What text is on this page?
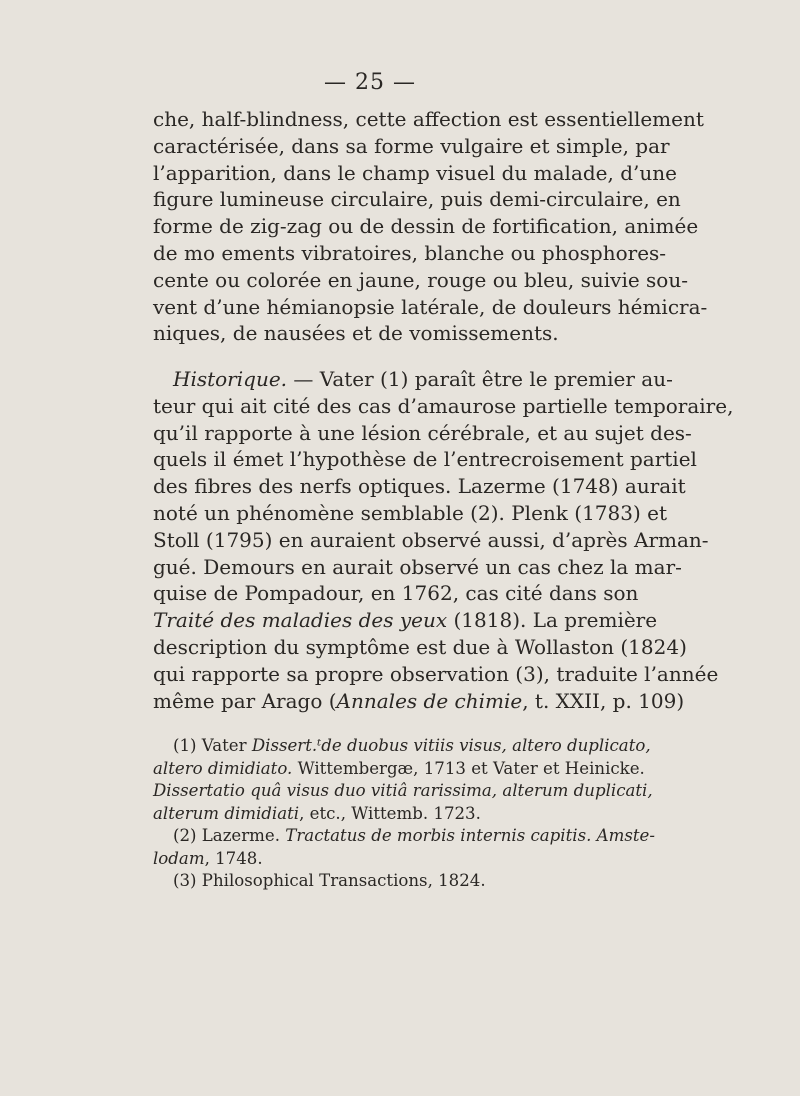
— 25 —
che, half-blindness, cette affection est essentiellement
caractérisée, dans sa forme vulgaire et simple, par
l’apparition, dans le champ visuel du malade, d’une
figure lumineuse circulaire, puis demi-circulaire, en
forme de zig-zag ou de dessin de fortification, animée
de mo ements vibratoires, blanche ou phosphores-
cente ou colorée en jaune, rouge ou bleu, suivie sou-
vent d’une hémianopsie latérale, de douleurs hémicra-
niques, de nausées et de vomissements.
Historique. — Vater (1) paraît être le premier au-
teur qui ait cité des cas d’amaurose partielle temporaire,
qu’il rapporte à une lésion cérébrale, et au sujet des-
quels il émet l’hypothèse de l’entrecroisement partiel
des fibres des nerfs optiques. Lazerme (1748) aurait
noté un phénomène semblable (2). Plenk (1783) et
Stoll (1795) en auraient observé aussi, d’après Arman-
gué. Demours en aurait observé un cas chez la mar-
quise de Pompadour, en 1762, cas cité dans son
Traité des maladies des yeux (1818). La première
description du symptôme est due à Wollaston (1824)
qui rapporte sa propre observation (3), traduite l’année
même par Arago (Annales de chimie, t. XXII, p. 109)
(1) Vater Dissert.ᵗde duobus vitiis visus, altero duplicato,
altero dimidiato. Wittembergæ, 1713 et Vater et Heinicke.
Dissertatio quâ visus duo vitiâ rarissima, alterum duplicati,
alterum dimidiati, etc., Wittemb. 1723.
(2) Lazerme. Tractatus de morbis internis capitis. Amste-
lodam, 1748.
(3) Philosophical Transactions, 1824.
